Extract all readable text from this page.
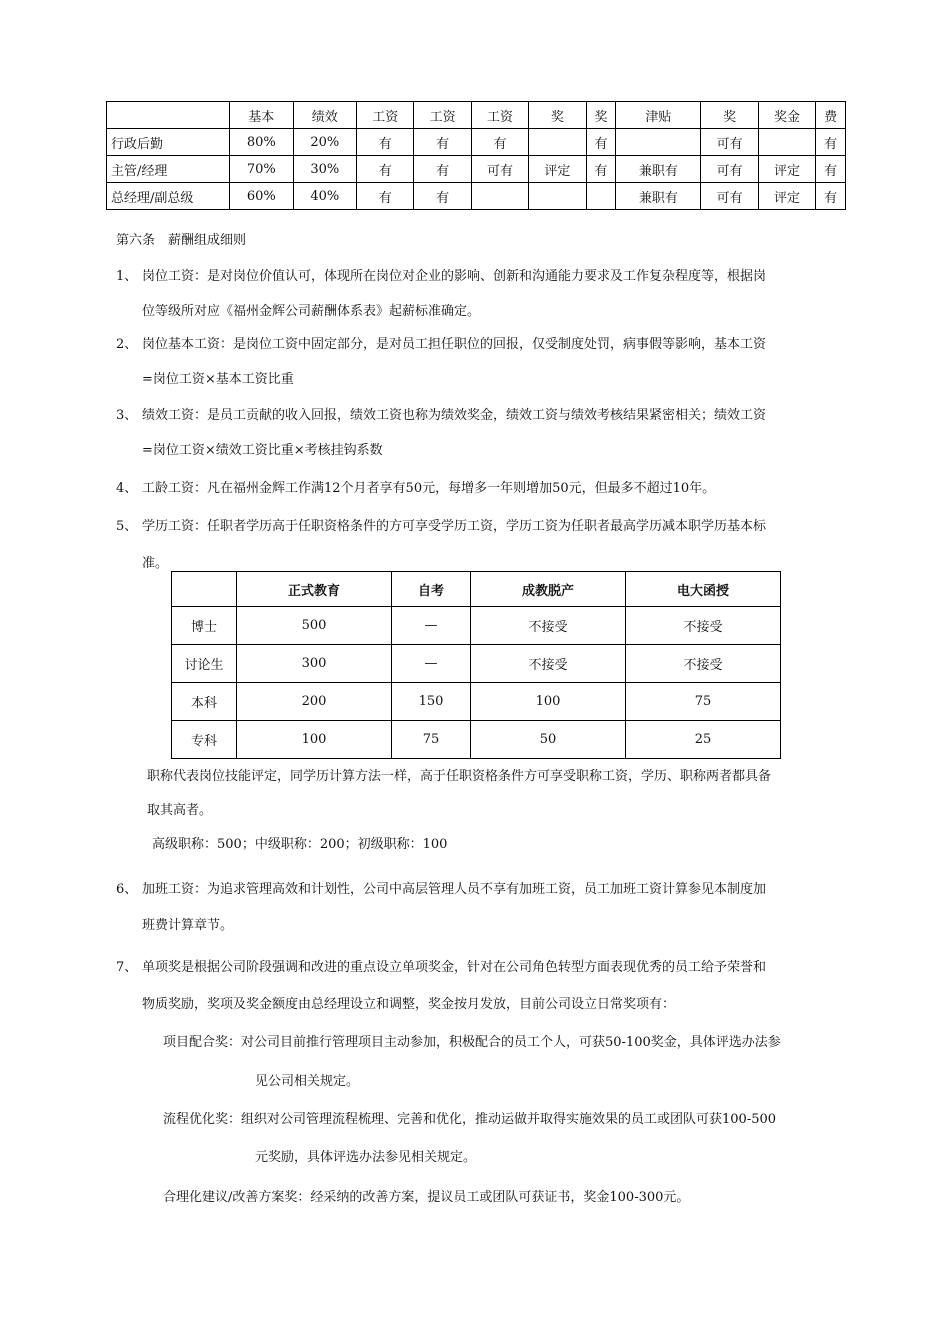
	基本	绩效	工资	工资	工资	奖	奖	津贴	奖	奖金	费
行政后勤	80%	20%	有	有	有		有		可有		有
主管/经理	70%	30%	有	有	可有	评定	有	兼职有	可有	评定	有
总经理/副总级	60%	40%	有	有				兼职有	可有	评定	有
第六条　薪酬组成细则
1、 岗位工资：是对岗位价值认可，体现所在岗位对企业的影响、创新和沟通能力要求及工作复杂程度等，根据岗
位等级所对应《福州金辉公司薪酬体系表》起薪标准确定。
2、 岗位基本工资：是岗位工资中固定部分，是对员工担任职位的回报，仅受制度处罚，病事假等影响，基本工资
=岗位工资×基本工资比重
3、 绩效工资：是员工贡献的收入回报，绩效工资也称为绩效奖金，绩效工资与绩效考核结果紧密相关；绩效工资
=岗位工资×绩效工资比重×考核挂钩系数
4、 工龄工资：凡在福州金辉工作满12个月者享有50元，每增多一年则增加50元，但最多不超过10年。
5、 学历工资：任职者学历高于任职资格条件的方可享受学历工资，学历工资为任职者最高学历减本职学历基本标
准。
	正式教育	自考	成教脱产	电大函授
博士	500	—	不接受	不接受
讨论生	300	—	不接受	不接受
本科	200	150	100	75
专科	100	75	50	25
职称代表岗位技能评定，同学历计算方法一样，高于任职资格条件方可享受职称工资，学历、职称两者都具备
取其高者。
高级职称：500；中级职称：200；初级职称：100
6、 加班工资：为追求管理高效和计划性，公司中高层管理人员不享有加班工资，员工加班工资计算参见本制度加
班费计算章节。
7、 单项奖是根据公司阶段强调和改进的重点设立单项奖金，针对在公司角色转型方面表现优秀的员工给予荣誉和
物质奖励，奖项及奖金额度由总经理设立和调整，奖金按月发放，目前公司设立日常奖项有：
项目配合奖：对公司目前推行管理项目主动参加，积极配合的员工个人，可获50-100奖金，具体评选办法参
见公司相关规定。
流程优化奖：组织对公司管理流程梳理、完善和优化，推动运做并取得实施效果的员工或团队可获100-500
元奖励，具体评选办法参见相关规定。
合理化建议/改善方案奖：经采纳的改善方案，提议员工或团队可获证书，奖金100-300元。
